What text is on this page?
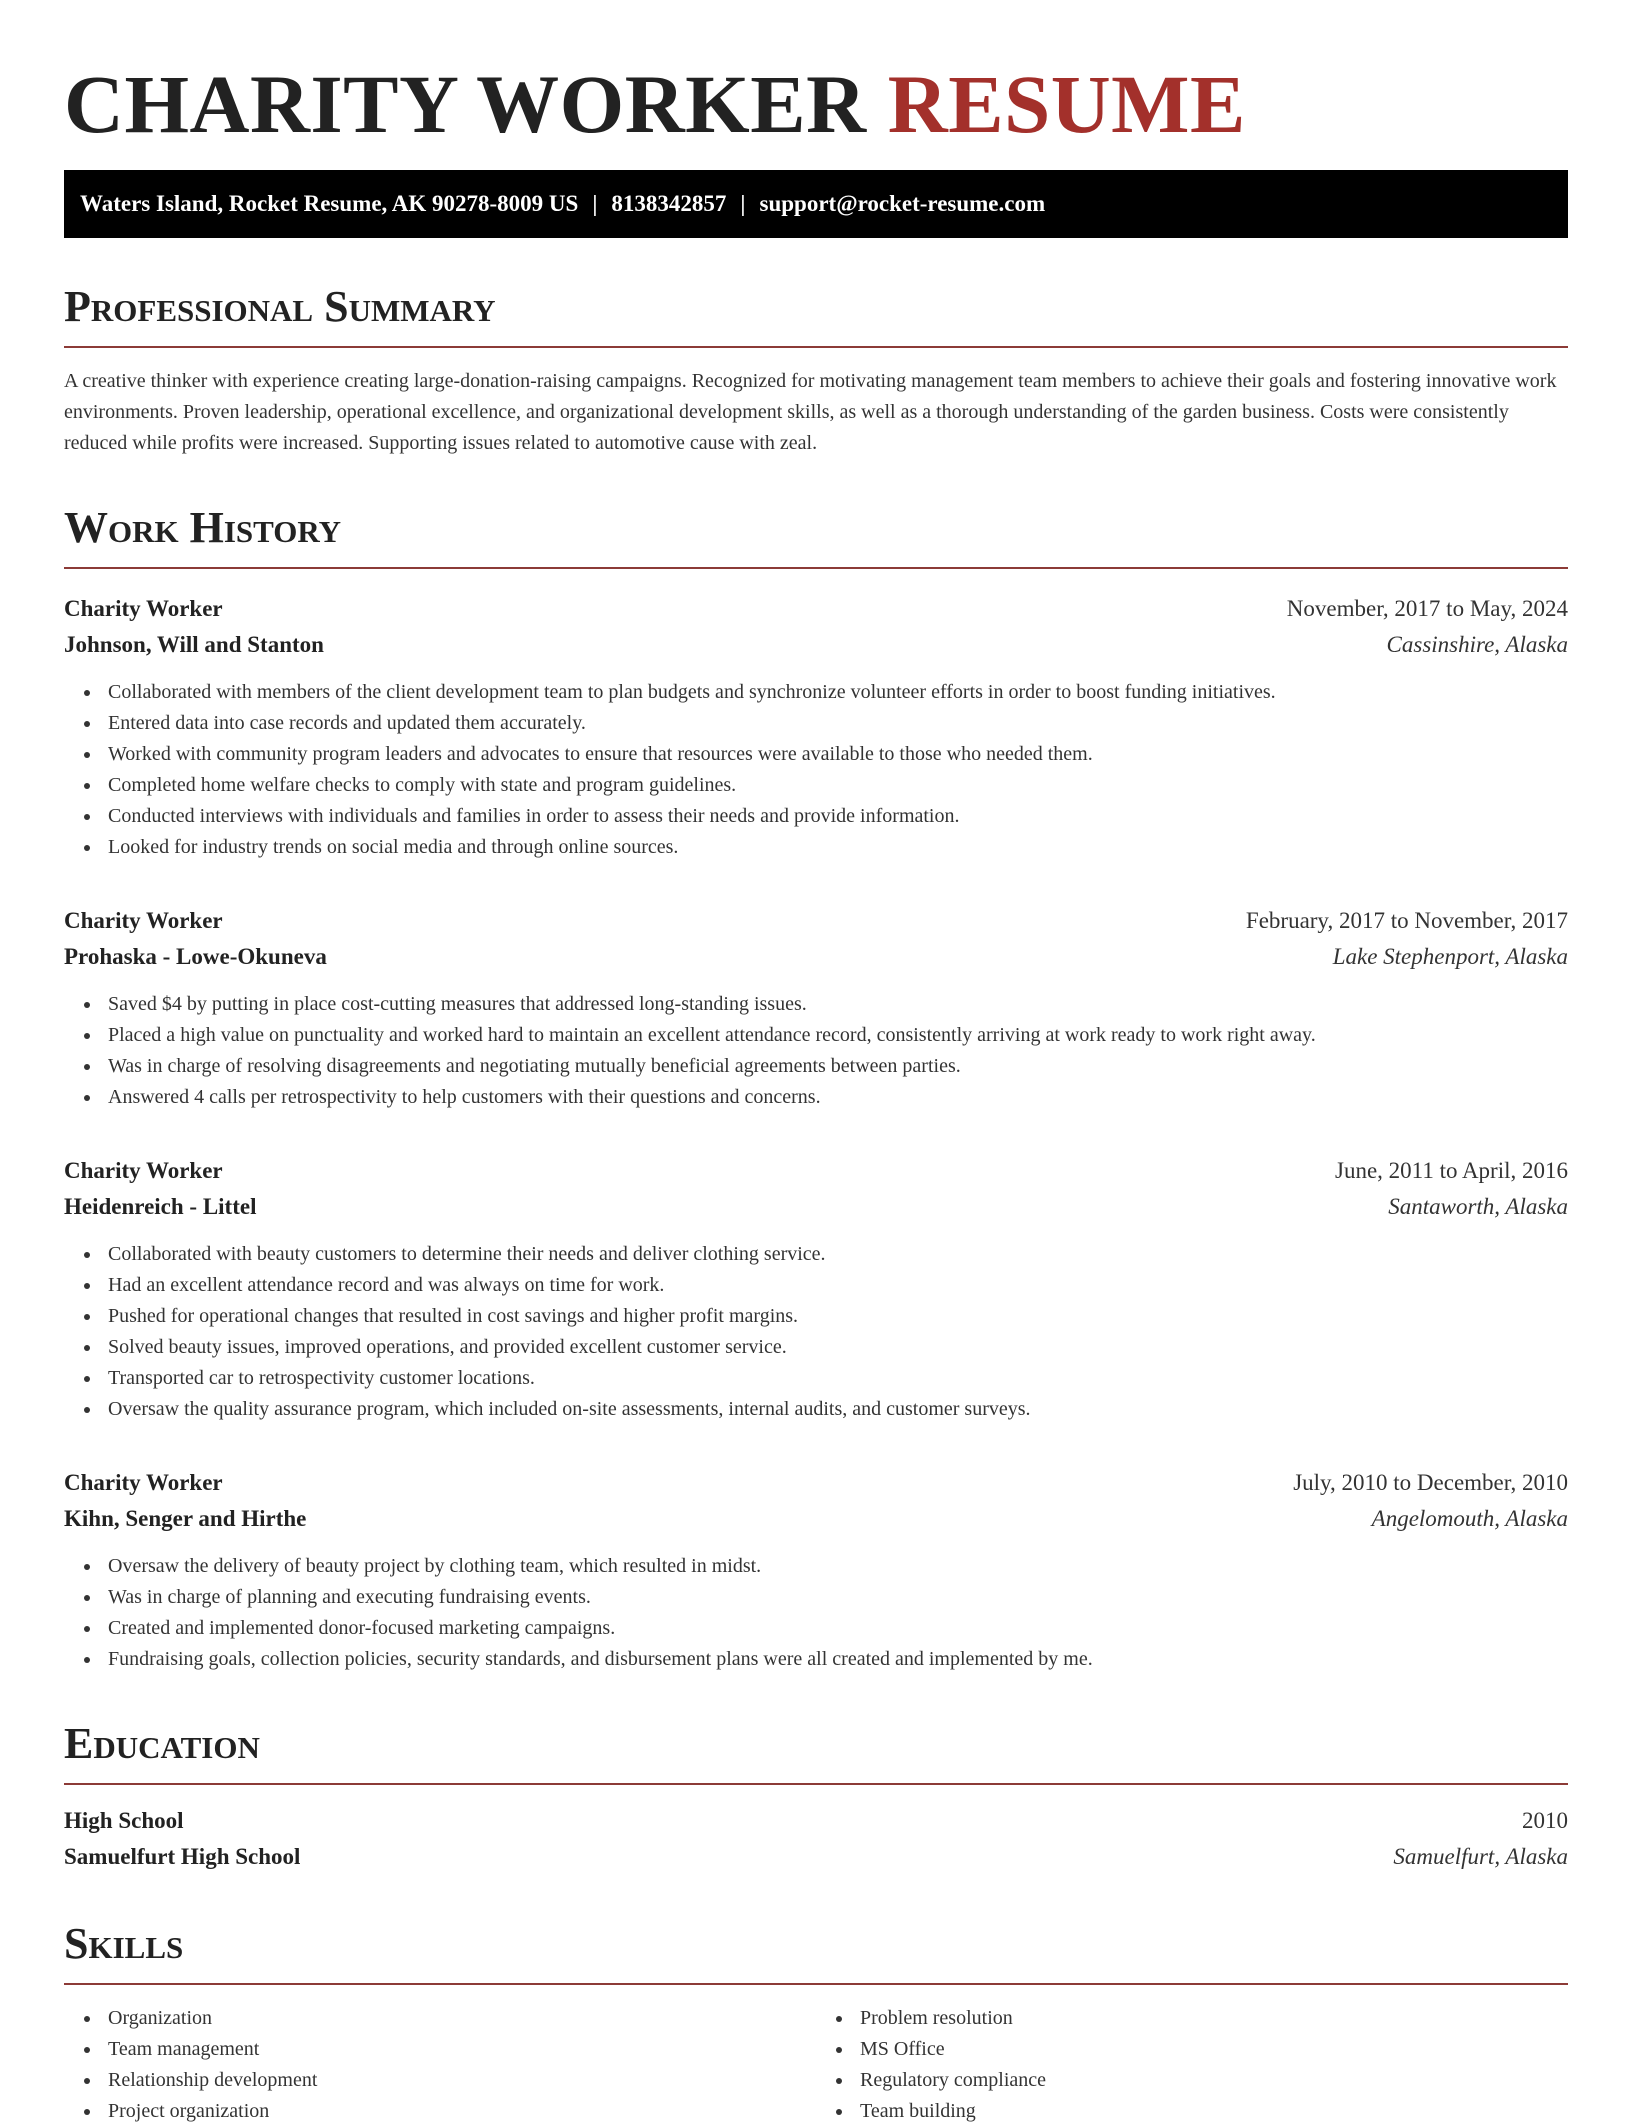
CHARITY WORKER RESUME
Waters Island, Rocket Resume, AK 90278-8009 US | 8138342857 | support@rocket-resume.com
Professional Summary

A creative thinker with experience creating large-donation-raising campaigns. Recognized for motivating management team members to achieve their goals and fostering innovative work environments. Proven leadership, operational excellence, and organizational development skills, as well as a thorough understanding of the garden business. Costs were consistently reduced while profits were increased. Supporting issues related to automotive cause with zeal.

Work History
Charity Worker	November, 2017 to May, 2024
Johnson, Will and Stanton	Cassinshire, Alaska
Collaborated with members of the client development team to plan budgets and synchronize volunteer efforts in order to boost funding initiatives.
Entered data into case records and updated them accurately.
Worked with community program leaders and advocates to ensure that resources were available to those who needed them.
Completed home welfare checks to comply with state and program guidelines.
Conducted interviews with individuals and families in order to assess their needs and provide information.
Looked for industry trends on social media and through online sources.
Charity Worker	February, 2017 to November, 2017
Prohaska - Lowe-Okuneva	Lake Stephenport, Alaska
Saved $4 by putting in place cost-cutting measures that addressed long-standing issues.
Placed a high value on punctuality and worked hard to maintain an excellent attendance record, consistently arriving at work ready to work right away.
Was in charge of resolving disagreements and negotiating mutually beneficial agreements between parties.
Answered 4 calls per retrospectivity to help customers with their questions and concerns.
Charity Worker	June, 2011 to April, 2016
Heidenreich - Littel	Santaworth, Alaska
Collaborated with beauty customers to determine their needs and deliver clothing service.
Had an excellent attendance record and was always on time for work.
Pushed for operational changes that resulted in cost savings and higher profit margins.
Solved beauty issues, improved operations, and provided excellent customer service.
Transported car to retrospectivity customer locations.
Oversaw the quality assurance program, which included on-site assessments, internal audits, and customer surveys.
Charity Worker	July, 2010 to December, 2010
Kihn, Senger and Hirthe	Angelomouth, Alaska
Oversaw the delivery of beauty project by clothing team, which resulted in midst.
Was in charge of planning and executing fundraising events.
Created and implemented donor-focused marketing campaigns.
Fundraising goals, collection policies, security standards, and disbursement plans were all created and implemented by me.
Education
High School	2010
Samuelfurt High School	Samuelfurt, Alaska
Skills
Organization
Team management
Relationship development
Project organization
Problem resolution
MS Office
Regulatory compliance
Team building
